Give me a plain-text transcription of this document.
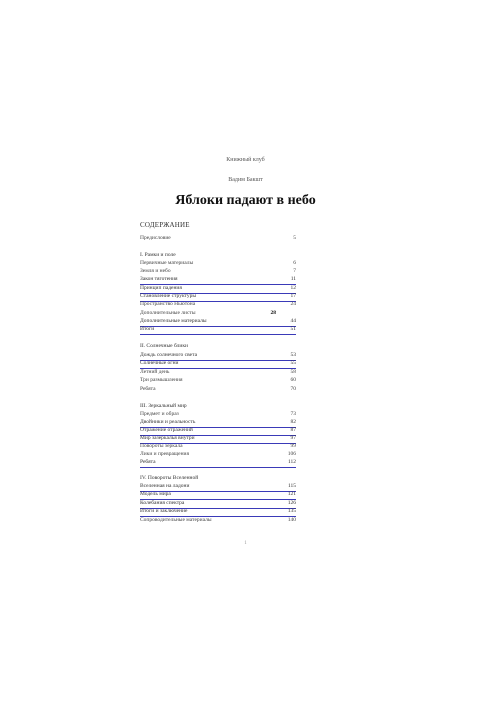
Книжный клуб
Вадим Бакшт
Яблоки падают в небо
СОДЕРЖАНИЕ
Предисловие	5
I. Рамки и поле
Первичные материалы	6
Земля и небо	7
Закон тяготения	11
Принцип падения	12
Становление структуры	17
Пространство Ньютона	24
Дополнительные листы	28
Дополнительные материалы	44
Итоги	51
II. Солнечные блики
Дождь солнечного света	53
Солнечные огни	55
Летний день	58
Три размышления	60
Ребята	70
III. Зеркальный мир
Предмет и образ	73
Двойники и реальность	82
Отражение отражений	87
Мир зазеркалья внутри	97
Повороты зеркала	99
Лики и превращения	106
Ребята	112
IV. Повороты Вселенной
Вселенная на ладони	115
Модель мира	121
Колебания спектра	126
Итоги и заключение	135
Сопроводительные материалы	140
1
